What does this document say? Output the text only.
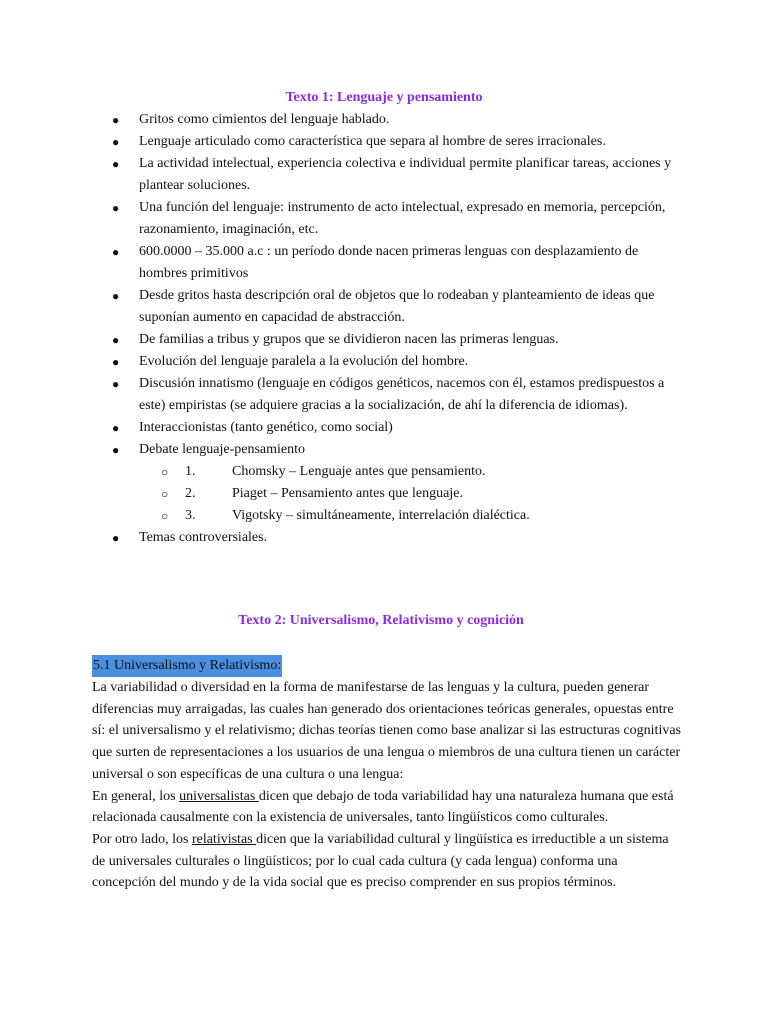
Texto 1: Lenguaje y pensamiento
● Gritos como cimientos del lenguaje hablado.
● Lenguaje articulado como característica que separa al hombre de seres irracionales.
● La actividad intelectual, experiencia colectiva e individual permite planificar tareas, acciones y plantear soluciones.
● Una función del lenguaje: instrumento de acto intelectual, expresado en memoria, percepción, razonamiento, imaginación, etc.
● 600.0000 – 35.000 a.c : un período donde nacen primeras lenguas con desplazamiento de hombres primitivos
● Desde gritos hasta descripción oral de objetos que lo rodeaban y planteamiento de ideas que suponían aumento en capacidad de abstracción.
● De familias a tribus y grupos que se dividieron nacen las primeras lenguas.
● Evolución del lenguaje paralela a la evolución del hombre.
● Discusión innatismo (lenguaje en códigos genéticos, nacemos con él, estamos predispuestos a este) empiristas (se adquiere gracias a la socialización, de ahí la diferencia de idiomas).
● Interaccionistas (tanto genético, como social)
● Debate lenguaje-pensamiento
○ 1.	Chomsky – Lenguaje antes que pensamiento.
○ 2.	Piaget – Pensamiento antes que lenguaje.
○ 3.	Vigotsky – simultáneamente, interrelación dialéctica.
● Temas controversiales.
Texto 2: Universalismo, Relativismo y cognición
5.1 Universalismo y Relativismo:

La variabilidad o diversidad en la forma de manifestarse de las lenguas y la cultura, pueden generar diferencias muy arraigadas, las cuales han generado dos orientaciones teóricas generales, opuestas entre sí: el universalismo y el relativismo; dichas teorías tienen como base analizar si las estructuras cognitivas que surten de representaciones a los usuarios de una lengua o miembros de una cultura tienen un carácter universal o son específicas de una cultura o una lengua:

En general, los universalistas dicen que debajo de toda variabilidad hay una naturaleza humana que está relacionada causalmente con la existencia de universales, tanto lingüísticos como culturales.

Por otro lado, los relativistas dicen que la variabilidad cultural y lingüística es irreductible a un sistema de universales culturales o lingüísticos; por lo cual cada cultura (y cada lengua) conforma una concepción del mundo y de la vida social que es preciso comprender en sus propios términos.
